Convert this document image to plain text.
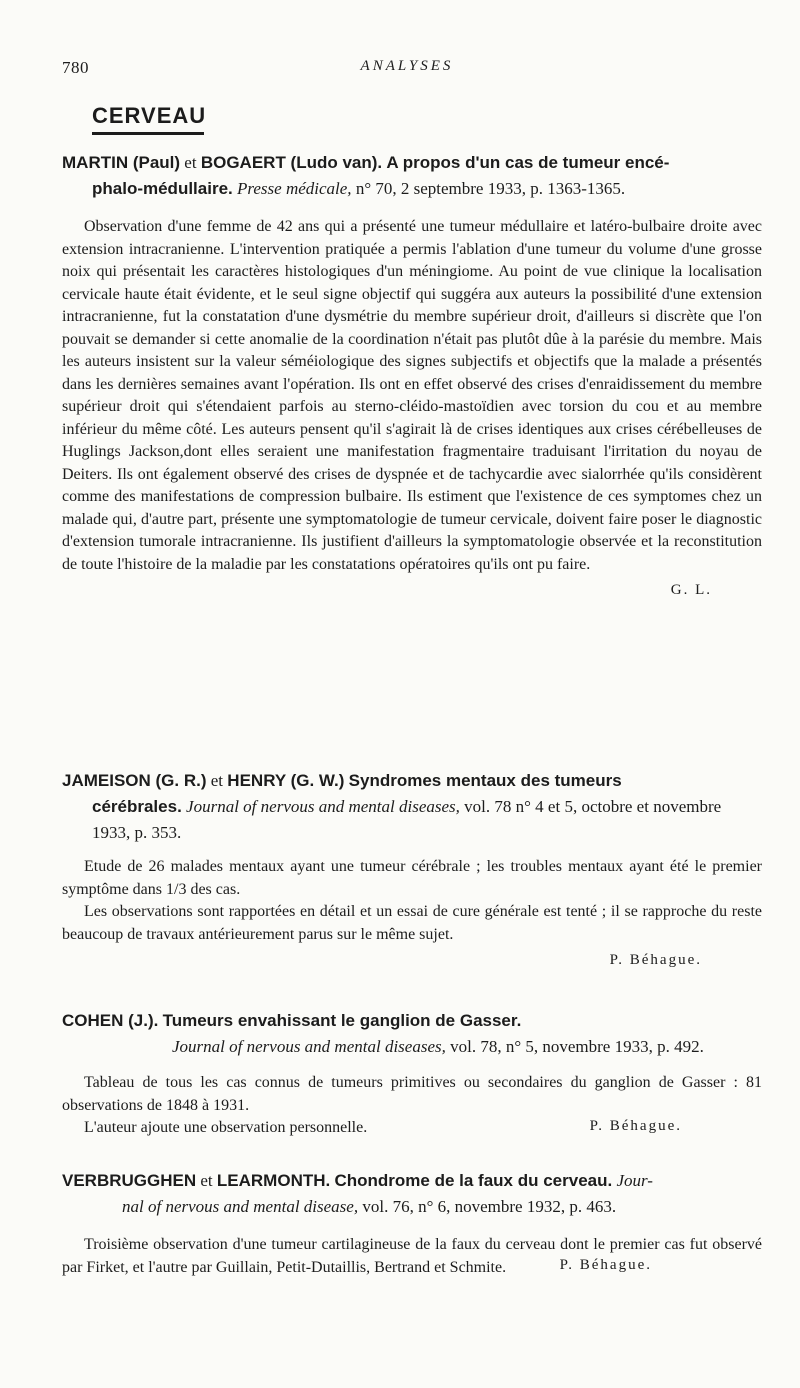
780	ANALYSES
CERVEAU
MARTIN (Paul) et BOGAERT (Ludo van). A propos d'un cas de tumeur encé-
phalo-médullaire. Presse médicale, n° 70, 2 septembre 1933, p. 1363-1365.

Observation d'une femme de 42 ans qui a présenté une tumeur médullaire et latéro-bulbaire droite avec extension intracranienne. L'intervention pratiquée a permis l'ablation d'une tumeur du volume d'une grosse noix qui présentait les caractères histologiques d'un méningiome. Au point de vue clinique la localisation cervicale haute était évidente, et le seul signe objectif qui suggéra aux auteurs la possibilité d'une extension intracranienne, fut la constatation d'une dysmétrie du membre supérieur droit, d'ailleurs si discrète que l'on pouvait se demander si cette anomalie de la coordination n'était pas plutôt dûe à la parésie du membre. Mais les auteurs insistent sur la valeur séméiologique des signes subjectifs et objectifs que la malade a présentés dans les dernières semaines avant l'opération. Ils ont en effet observé des crises d'enraidissement du membre supérieur droit qui s'étendaient parfois au sterno-cléido-mastoïdien avec torsion du cou et au membre inférieur du même côté. Les auteurs pensent qu'il s'agirait là de crises identiques aux crises cérébelleuses de Huglings Jackson,dont elles seraient une manifestation fragmentaire traduisant l'irritation du noyau de Deiters. Ils ont également observé des crises de dyspnée et de tachycardie avec sialorrhée qu'ils considèrent comme des manifestations de compression bulbaire. Ils estiment que l'existence de ces symptomes chez un malade qui, d'autre part, présente une symptomatologie de tumeur cervicale, doivent faire poser le diagnostic d'extension tumorale intracranienne. Ils justifient d'ailleurs la symptomatologie observée et la reconstitution de toute l'histoire de la maladie par les constatations opératoires qu'ils ont pu faire.

G. L.
JAMEISON (G. R.) et HENRY (G. W.) Syndromes mentaux des tumeurs
cérébrales. Journal of nervous and mental diseases, vol. 78 n° 4 et 5, octobre et novembre 1933, p. 353.

Etude de 26 malades mentaux ayant une tumeur cérébrale ; les troubles mentaux ayant été le premier symptôme dans 1/3 des cas.

Les observations sont rapportées en détail et un essai de cure générale est tenté ; il se rapproche du reste beaucoup de travaux antérieurement parus sur le même sujet.

P. Béhague.
COHEN (J.). Tumeurs envahissant le ganglion de Gasser.
Journal of nervous and mental diseases, vol. 78, n° 5, novembre 1933, p. 492.

Tableau de tous les cas connus de tumeurs primitives ou secondaires du ganglion de Gasser : 81 observations de 1848 à 1931.

L'auteur ajoute une observation personnelle.	P. Béhague.
VERBRUGGHEN et LEARMONTH. Chondrome de la faux du cerveau. Jour-
nal of nervous and mental disease, vol. 76, n° 6, novembre 1932, p. 463.

Troisième observation d'une tumeur cartilagineuse de la faux du cerveau dont le premier cas fut observé par Firket, et l'autre par Guillain, Petit-Dutaillis, Bertrand et Schmite.	P. Béhague.
